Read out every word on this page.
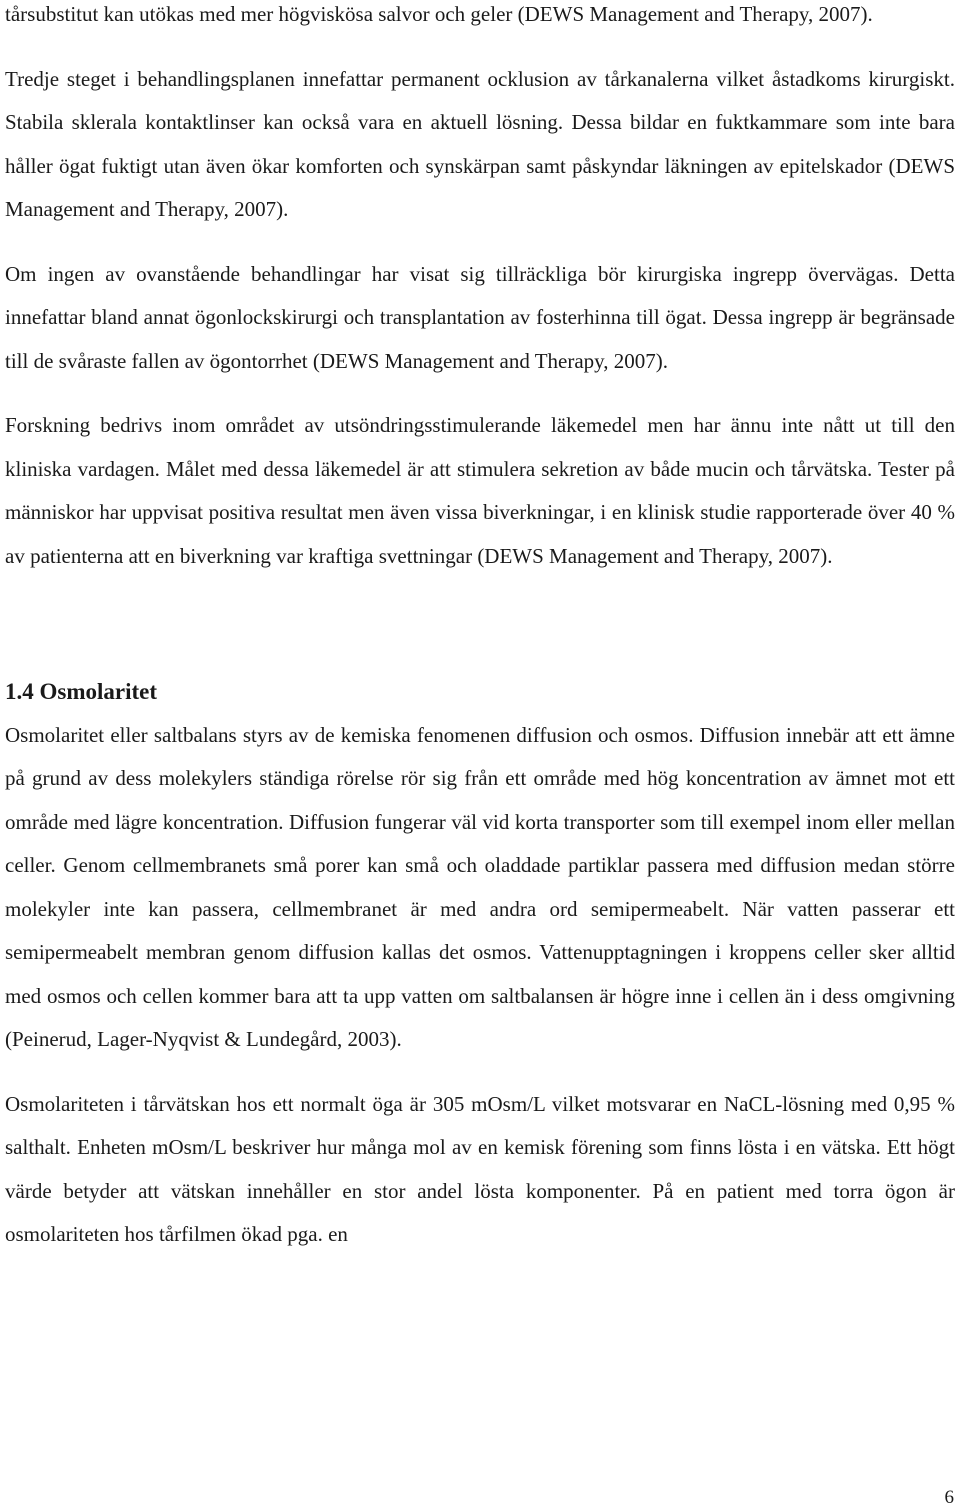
tårsubstitut kan utökas med mer högviskösa salvor och geler (DEWS Management and Therapy, 2007).

Tredje steget i behandlingsplanen innefattar permanent ocklusion av tårkanalerna vilket åstadkoms kirurgiskt. Stabila sklerala kontaktlinser kan också vara en aktuell lösning. Dessa bildar en fuktkammare som inte bara håller ögat fuktigt utan även ökar komforten och synskärpan samt påskyndar läkningen av epitelskador (DEWS Management and Therapy, 2007).

Om ingen av ovanstående behandlingar har visat sig tillräckliga bör kirurgiska ingrepp övervägas. Detta innefattar bland annat ögonlockskirurgi och transplantation av fosterhinna till ögat. Dessa ingrepp är begränsade till de svåraste fallen av ögontorrhet (DEWS Management and Therapy, 2007).

Forskning bedrivs inom området av utsöndringsstimulerande läkemedel men har ännu inte nått ut till den kliniska vardagen. Målet med dessa läkemedel är att stimulera sekretion av både mucin och tårvätska. Tester på människor har uppvisat positiva resultat men även vissa biverkningar, i en klinisk studie rapporterade över 40 % av patienterna att en biverkning var kraftiga svettningar (DEWS Management and Therapy, 2007).

1.4 Osmolaritet

Osmolaritet eller saltbalans styrs av de kemiska fenomenen diffusion och osmos. Diffusion innebär att ett ämne på grund av dess molekylers ständiga rörelse rör sig från ett område med hög koncentration av ämnet mot ett område med lägre koncentration. Diffusion fungerar väl vid korta transporter som till exempel inom eller mellan celler. Genom cellmembranets små porer kan små och oladdade partiklar passera med diffusion medan större molekyler inte kan passera, cellmembranet är med andra ord semipermeabelt. När vatten passerar ett semipermeabelt membran genom diffusion kallas det osmos. Vattenupptagningen i kroppens celler sker alltid med osmos och cellen kommer bara att ta upp vatten om saltbalansen är högre inne i cellen än i dess omgivning (Peinerud, Lager-Nyqvist & Lundegård, 2003).

Osmolariteten i tårvätskan hos ett normalt öga är 305 mOsm/L vilket motsvarar en NaCL-lösning med 0,95 % salthalt. Enheten mOsm/L beskriver hur många mol av en kemisk förening som finns lösta i en vätska. Ett högt värde betyder att vätskan innehåller en stor andel lösta komponenter. På en patient med torra ögon är osmolariteten hos tårfilmen ökad pga. en

6
